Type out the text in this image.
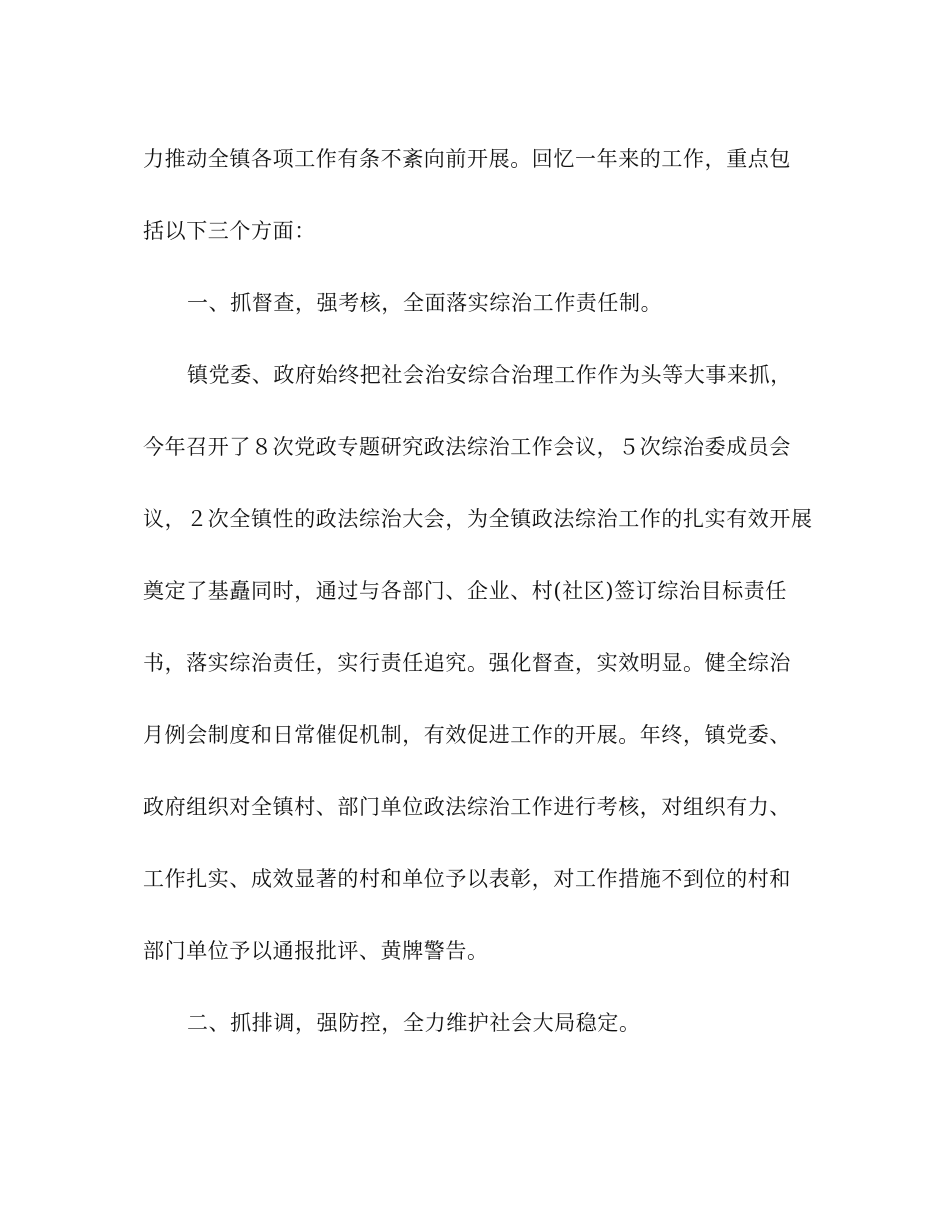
力推动全镇各项工作有条不紊向前开展。回忆一年来的工作，重点包
括以下三个方面：
一、抓督查，强考核，全面落实综治工作责任制。
镇党委、政府始终把社会治安综合治理工作作为头等大事来抓，
今年召开了８次党政专题研究政法综治工作会议，５次综治委成员会
议，２次全镇性的政法综治大会，为全镇政法综治工作的扎实有效开展
奠定了基矗同时，通过与各部门、企业、村(社区)签订综治目标责任
书，落实综治责任，实行责任追究。强化督查，实效明显。健全综治
月例会制度和日常催促机制，有效促进工作的开展。年终，镇党委、
政府组织对全镇村、部门单位政法综治工作进行考核，对组织有力、
工作扎实、成效显著的村和单位予以表彰，对工作措施不到位的村和
部门单位予以通报批评、黄牌警告。
二、抓排调，强防控，全力维护社会大局稳定。
